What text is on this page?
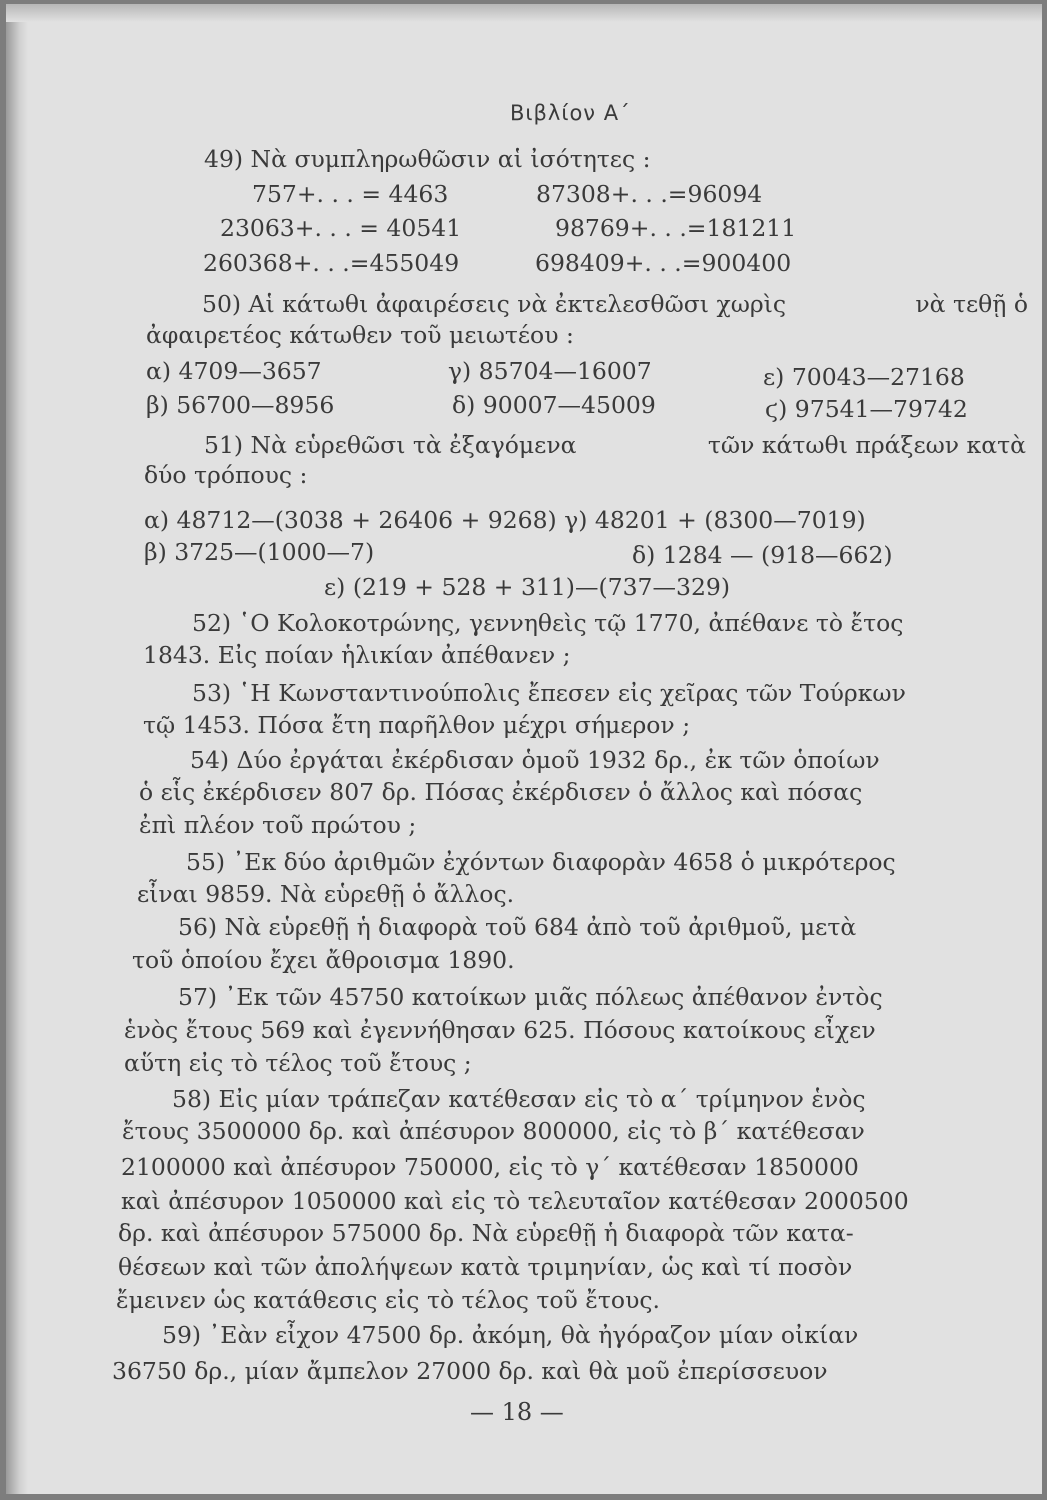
Βιβλίον Α΄
49) Νὰ συμπληρωθῶσιν αἱ ἰσότητες :
757+. . . = 4463	87308+. . .=96094
23063+. . . = 40541	98769+. . .=181211
260368+. . .=455049	698409+. . .=900400
50) Αἱ κάτωθι ἀφαιρέσεις νὰ ἐκτελεσθῶσι χωρὶς	νὰ τεθῇ ὁ
ἀφαιρετέος κάτωθεν τοῦ μειωτέου :
α) 4709—3657	γ) 85704—16007	ε) 70043—27168
β) 56700—8956	δ) 90007—45009	ϛ) 97541—79742
51) Νὰ εὑρεθῶσι τὰ ἐξαγόμενα	τῶν κάτωθι πράξεων κατὰ
δύο τρόπους :
α) 48712—(3038 + 26406 + 9268) γ) 48201 + (8300—7019)
β) 3725—(1000—7)	δ) 1284 — (918—662)
ε) (219 + 528 + 311)—(737—329)
52) ῾Ο Κολοκοτρώνης, γεννηθεὶς τῷ 1770, ἀπέθανε τὸ ἔτος
1843. Εἰς ποίαν ἡλικίαν ἀπέθανεν ;
53) ῾Η Κωνσταντινούπολις ἔπεσεν εἰς χεῖρας τῶν Τούρκων
τῷ 1453. Πόσα ἔτη παρῆλθον μέχρι σήμερον ;
54) Δύο ἐργάται ἐκέρδισαν ὁμοῦ 1932 δρ., ἐκ τῶν ὁποίων
ὁ εἷς ἐκέρδισεν 807 δρ. Πόσας ἐκέρδισεν ὁ ἄλλος καὶ πόσας
ἐπὶ πλέον τοῦ πρώτου ;
55) ᾿Εκ δύο ἀριθμῶν ἐχόντων διαφορὰν 4658 ὁ μικρότερος
εἶναι 9859. Νὰ εὑρεθῇ ὁ ἄλλος.
56) Νὰ εὑρεθῇ ἡ διαφορὰ τοῦ 684 ἀπὸ τοῦ ἀριθμοῦ, μετὰ
τοῦ ὁποίου ἔχει ἄθροισμα 1890.
57) ᾿Εκ τῶν 45750 κατοίκων μιᾶς πόλεως ἀπέθανον ἐντὸς
ἑνὸς ἔτους 569 καὶ ἐγεννήθησαν 625. Πόσους κατοίκους εἶχεν
αὕτη εἰς τὸ τέλος τοῦ ἔτους ;
58) Εἰς μίαν τράπεζαν κατέθεσαν εἰς τὸ α΄ τρίμηνον ἑνὸς
ἔτους 3500000 δρ. καὶ ἀπέσυρον 800000, εἰς τὸ β΄ κατέθεσαν
2100000 καὶ ἀπέσυρον 750000, εἰς τὸ γ΄ κατέθεσαν 1850000
καὶ ἀπέσυρον 1050000 καὶ εἰς τὸ τελευταῖον κατέθεσαν 2000500
δρ. καὶ ἀπέσυρον 575000 δρ. Νὰ εὑρεθῇ ἡ διαφορὰ τῶν κατα-
θέσεων καὶ τῶν ἀπολήψεων κατὰ τριμηνίαν, ὡς καὶ τί ποσὸν
ἔμεινεν ὡς κατάθεσις εἰς τὸ τέλος τοῦ ἔτους.
59) ᾿Εὰν εἶχον 47500 δρ. ἀκόμη, θὰ ἠγόραζον μίαν οἰκίαν
36750 δρ., μίαν ἄμπελον 27000 δρ. καὶ θὰ μοῦ ἐπερίσσευον
— 18 —
